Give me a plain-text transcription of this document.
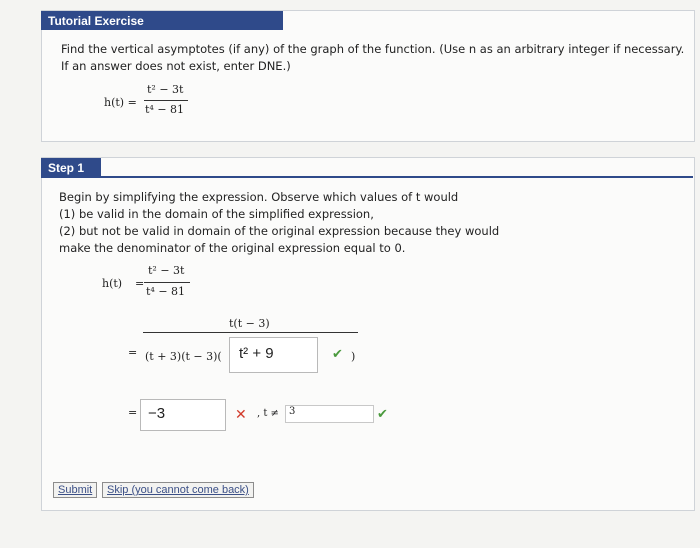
Tutorial Exercise
Find the vertical asymptotes (if any) of the graph of the function. (Use n as an arbitrary integer if necessary.
If an answer does not exist, enter DNE.)
h(t) =
t² − 3t
t⁴ − 81
Step 1
Begin by simplifying the expression. Observe which values of t would
(1) be valid in the domain of the simplified expression,
(2) but not be valid in domain of the original expression because they would
make the denominator of the original expression equal to 0.
h(t) =
t² − 3t
t⁴ − 81
t(t − 3)
= (t + 3)(t − 3)( t² + 9	✔ )
= −3	✕ , t ≠ 3	✔
Submit	Skip (you cannot come back)
